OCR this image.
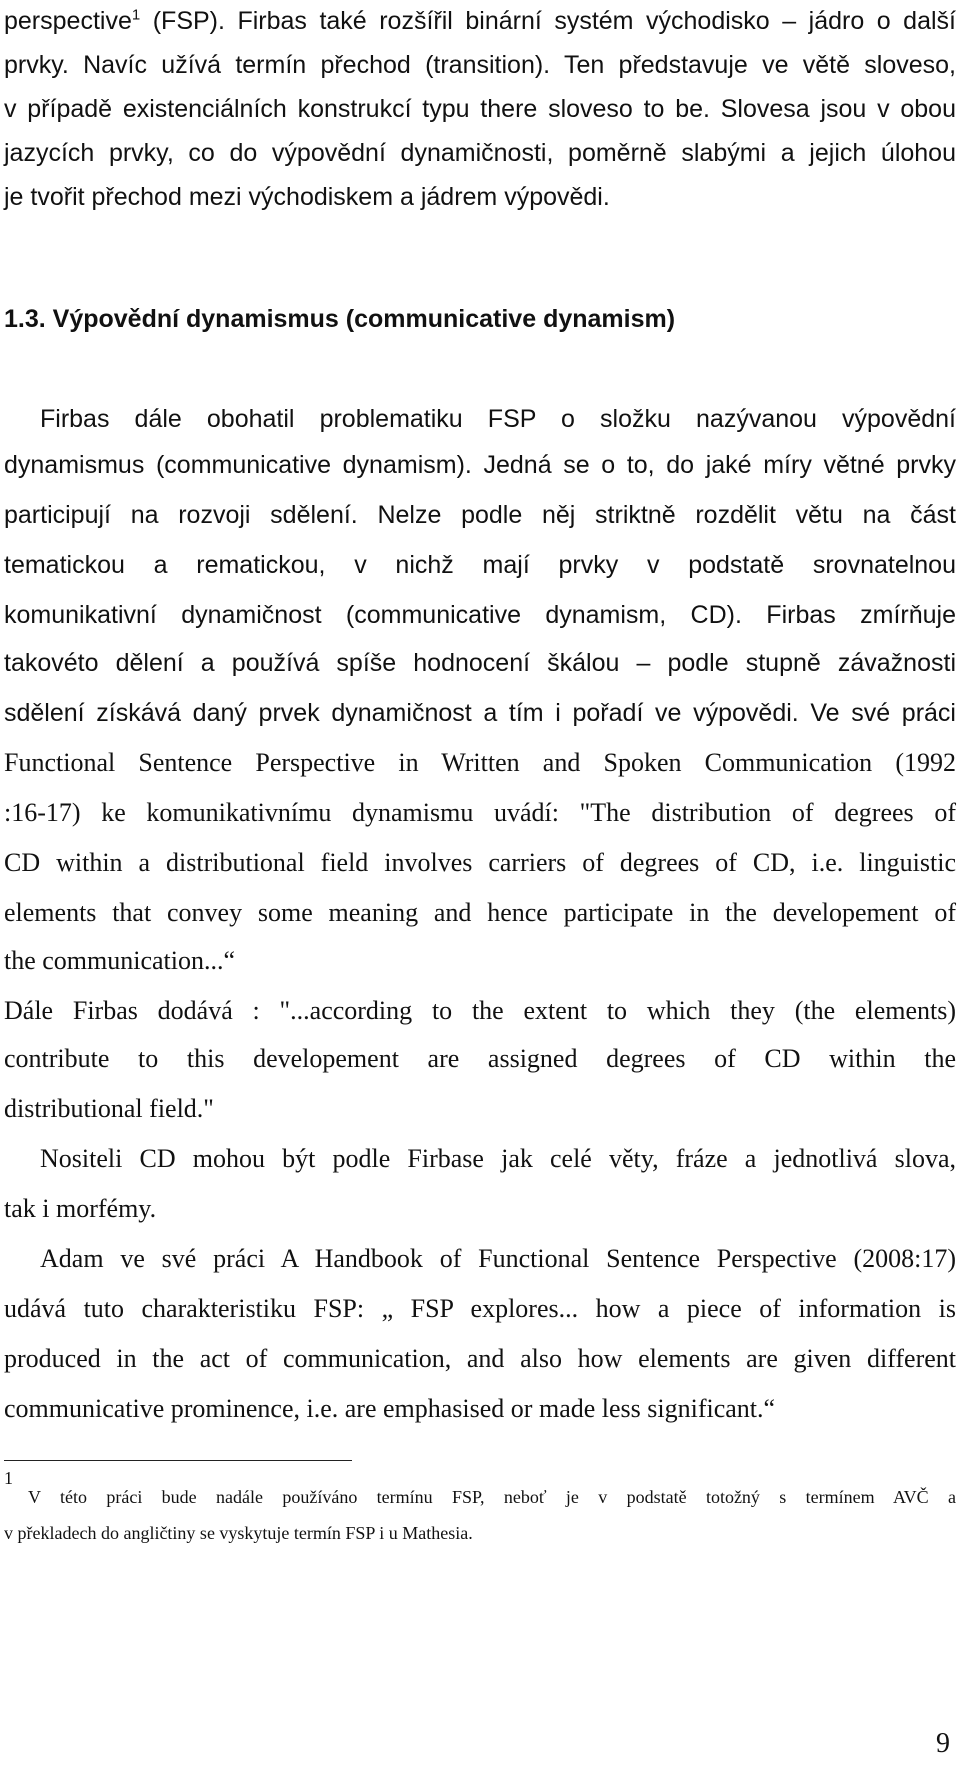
perspective$^1$ (FSP). Firbas také rozšířil binární systém východisko – jádro o další
prvky. Navíc užívá termín přechod (transition). Ten představuje ve větě sloveso,
v případě existenciálních konstrukcí typu there sloveso to be. Slovesa jsou v obou
jazycích prvky, co do výpovědní dynamičnosti, poměrně slabými a jejich úlohou
je tvořit přechod mezi východiskem a jádrem výpovědi.
1.3. Výpovědní dynamismus (communicative dynamism)
Firbas dále obohatil problematiku FSP o složku nazývanou výpovědní
dynamismus (communicative dynamism). Jedná se o to, do jaké míry větné prvky
participují na rozvoji sdělení. Nelze podle něj striktně rozdělit větu na část
tematickou a rematickou, v nichž mají prvky v podstatě srovnatelnou
komunikativní dynamičnost (communicative dynamism, CD). Firbas zmírňuje
takovéto dělení a používá spíše hodnocení škálou – podle stupně závažnosti
sdělení získává daný prvek dynamičnost a tím i pořadí ve výpovědi. Ve své práci
Functional Sentence Perspective in Written and Spoken Communication (1992
:16-17) ke komunikativnímu dynamismu uvádí: "The distribution of degrees of
CD within a distributional field involves carriers of degrees of CD, i.e. linguistic
elements that convey some meaning and hence participate in the developement of
the communication...“
Dále Firbas dodává : "...according to the extent to which they (the elements)
contribute to this developement are assigned degrees of CD within the
distributional field."
Nositeli CD mohou být podle Firbase jak celé věty, fráze a jednotlivá slova,
tak i morfémy.
Adam ve své práci A Handbook of Functional Sentence Perspective (2008:17)
udává tuto charakteristiku FSP: „ FSP explores... how a piece of information is
produced in the act of communication, and also how elements are given different
communicative prominence, i.e. are emphasised or made less significant.“
1
V této práci bude nadále používáno termínu FSP, neboť je v podstatě totožný s termínem AVČ a
v překladech do angličtiny se vyskytuje termín FSP i u Mathesia.
9
